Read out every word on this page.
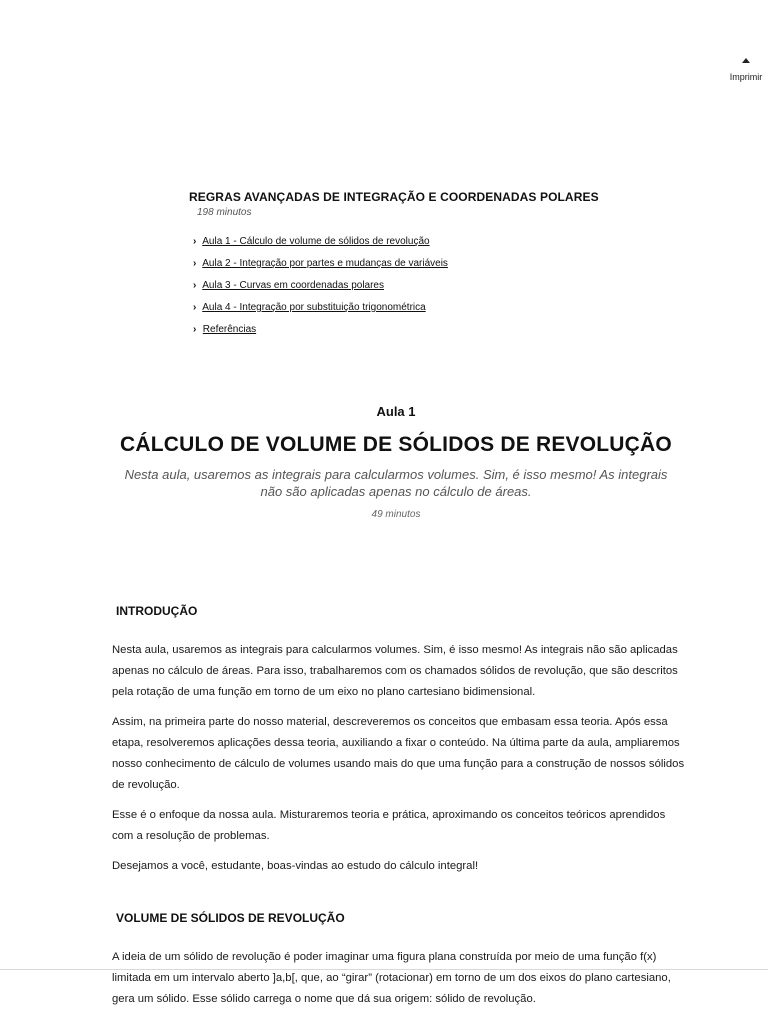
Imprimir
REGRAS AVANÇADAS DE INTEGRAÇÃO E COORDENADAS POLARES
198 minutos
› Aula 1 - Cálculo de volume de sólidos de revolução
› Aula 2 - Integração por partes e mudanças de variáveis
› Aula 3 - Curvas em coordenadas polares
› Aula 4 - Integração por substituição trigonométrica
› Referências
Aula 1
CÁLCULO DE VOLUME DE SÓLIDOS DE REVOLUÇÃO
Nesta aula, usaremos as integrais para calcularmos volumes. Sim, é isso mesmo! As integrais não são aplicadas apenas no cálculo de áreas.
49 minutos
INTRODUÇÃO

Nesta aula, usaremos as integrais para calcularmos volumes. Sim, é isso mesmo! As integrais não são aplicadas apenas no cálculo de áreas. Para isso, trabalharemos com os chamados sólidos de revolução, que são descritos pela rotação de uma função em torno de um eixo no plano cartesiano bidimensional.

Assim, na primeira parte do nosso material, descreveremos os conceitos que embasam essa teoria. Após essa etapa, resolveremos aplicações dessa teoria, auxiliando a fixar o conteúdo. Na última parte da aula, ampliaremos nosso conhecimento de cálculo de volumes usando mais do que uma função para a construção de nossos sólidos de revolução.

Esse é o enfoque da nossa aula. Misturaremos teoria e prática, aproximando os conceitos teóricos aprendidos com a resolução de problemas.

Desejamos a você, estudante, boas-vindas ao estudo do cálculo integral!

VOLUME DE SÓLIDOS DE REVOLUÇÃO

A ideia de um sólido de revolução é poder imaginar uma figura plana construída por meio de uma função f(x) limitada em um intervalo aberto ]a,b[, que, ao “girar” (rotacionar) em torno de um dos eixos do plano cartesiano, gera um sólido. Esse sólido carrega o nome que dá sua origem: sólido de revolução.
